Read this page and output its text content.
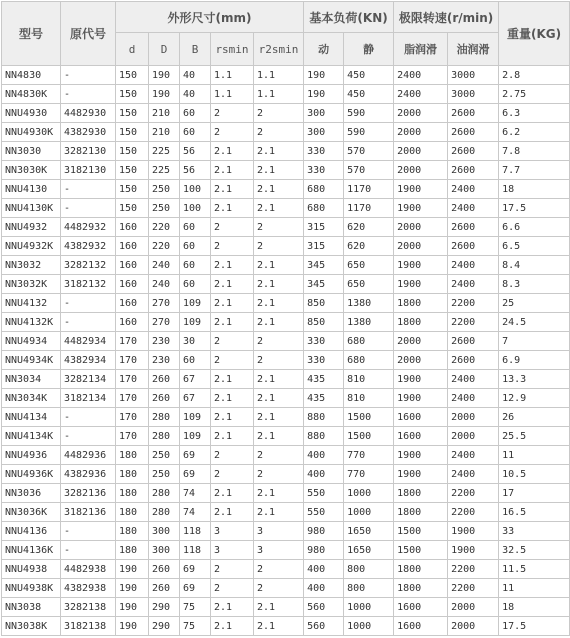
型号	原代号	外形尺寸(mm)					基本负荷(KN)		极限转速(r/min)		重量(KG)
		d	D	B	rsmin	r2smin	动	静	脂润滑	油润滑	
NN4830	-	150	190	40	1.1	1.1	190	450	2400	3000	2.8
NN4830K	-	150	190	40	1.1	1.1	190	450	2400	3000	2.75
NNU4930	4482930	150	210	60	2	2	300	590	2000	2600	6.3
NNU4930K	4382930	150	210	60	2	2	300	590	2000	2600	6.2
NN3030	3282130	150	225	56	2.1	2.1	330	570	2000	2600	7.8
NN3030K	3182130	150	225	56	2.1	2.1	330	570	2000	2600	7.7
NNU4130	-	150	250	100	2.1	2.1	680	1170	1900	2400	18
NNU4130K	-	150	250	100	2.1	2.1	680	1170	1900	2400	17.5
NNU4932	4482932	160	220	60	2	2	315	620	2000	2600	6.6
NNU4932K	4382932	160	220	60	2	2	315	620	2000	2600	6.5
NN3032	3282132	160	240	60	2.1	2.1	345	650	1900	2400	8.4
NN3032K	3182132	160	240	60	2.1	2.1	345	650	1900	2400	8.3
NNU4132	-	160	270	109	2.1	2.1	850	1380	1800	2200	25
NNU4132K	-	160	270	109	2.1	2.1	850	1380	1800	2200	24.5
NNU4934	4482934	170	230	30	2	2	330	680	2000	2600	7
NNU4934K	4382934	170	230	60	2	2	330	680	2000	2600	6.9
NN3034	3282134	170	260	67	2.1	2.1	435	810	1900	2400	13.3
NN3034K	3182134	170	260	67	2.1	2.1	435	810	1900	2400	12.9
NNU4134	-	170	280	109	2.1	2.1	880	1500	1600	2000	26
NNU4134K	-	170	280	109	2.1	2.1	880	1500	1600	2000	25.5
NNU4936	4482936	180	250	69	2	2	400	770	1900	2400	11
NNU4936K	4382936	180	250	69	2	2	400	770	1900	2400	10.5
NN3036	3282136	180	280	74	2.1	2.1	550	1000	1800	2200	17
NN3036K	3182136	180	280	74	2.1	2.1	550	1000	1800	2200	16.5
NNU4136	-	180	300	118	3	3	980	1650	1500	1900	33
NNU4136K	-	180	300	118	3	3	980	1650	1500	1900	32.5
NNU4938	4482938	190	260	69	2	2	400	800	1800	2200	11.5
NNU4938K	4382938	190	260	69	2	2	400	800	1800	2200	11
NN3038	3282138	190	290	75	2.1	2.1	560	1000	1600	2000	18
NN3038K	3182138	190	290	75	2.1	2.1	560	1000	1600	2000	17.5
